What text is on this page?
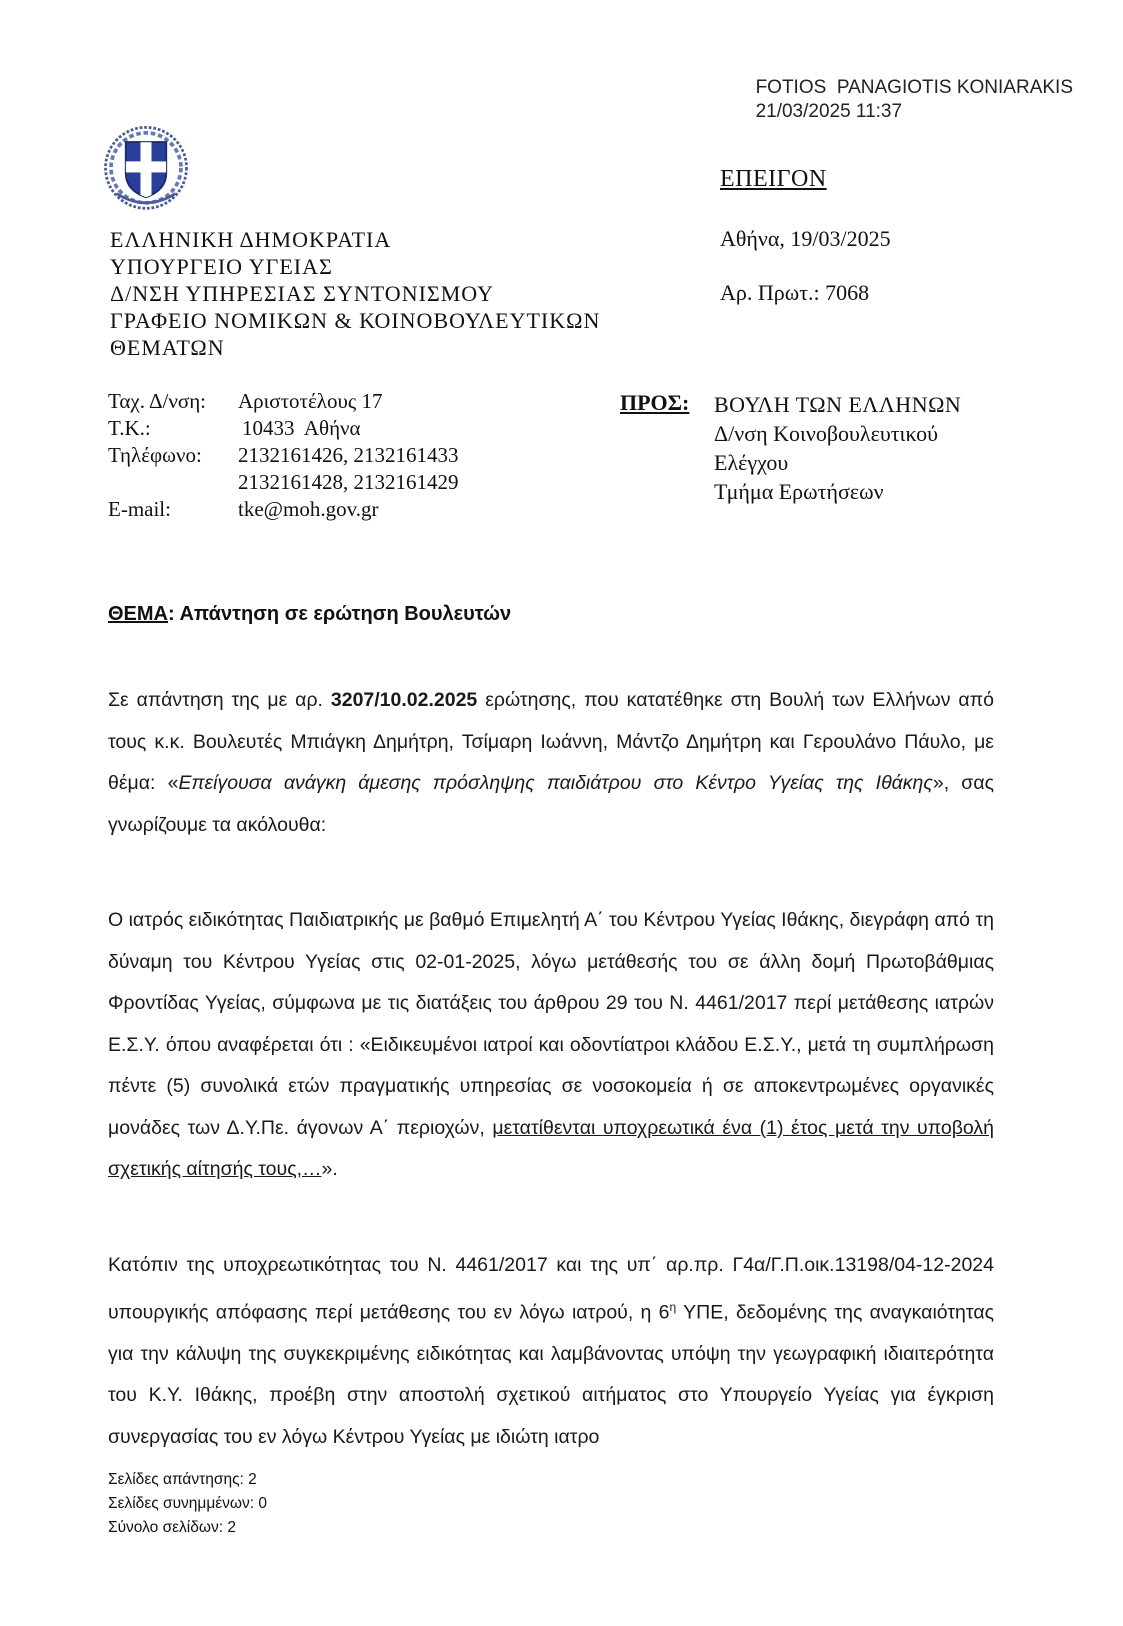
FOTIOS  PANAGIOTIS KONIARAKIS
21/03/2025 11:37
ΕΠΕΙΓΟΝ
ΕΛΛΗΝΙΚΗ ΔΗΜΟΚΡΑΤΙΑ
ΥΠΟΥΡΓΕΙΟ ΥΓΕΙΑΣ
Δ/ΝΣΗ ΥΠΗΡΕΣΙΑΣ ΣΥΝΤΟΝΙΣΜΟΥ
ΓΡΑΦΕΙΟ ΝΟΜΙΚΩΝ & ΚΟΙΝΟΒΟΥΛΕΥΤΙΚΩΝ
ΘΕΜΑΤΩΝ
Αθήνα, 19/03/2025
Αρ. Πρωτ.: 7068
Ταχ. Δ/νση:	Αριστοτέλους 17
Τ.Κ.:	10433  Αθήνα
Τηλέφωνο:	2132161426, 2132161433
2132161428, 2132161429
E-mail:	tke@moh.gov.gr
ΠΡΟΣ: ΒΟΥΛΗ ΤΩΝ ΕΛΛΗΝΩΝ
Δ/νση Κοινοβουλευτικού
Ελέγχου
Τμήμα Ερωτήσεων
ΘΕΜΑ: Απάντηση σε ερώτηση Βουλευτών
Σε απάντηση της με αρ. 3207/10.02.2025 ερώτησης, που κατατέθηκε στη Βουλή των Ελλήνων από τους κ.κ. Βουλευτές Μπιάγκη Δημήτρη, Τσίμαρη Ιωάννη, Μάντζο Δημήτρη και Γερουλάνο Πάυλο, με θέμα: «Επείγουσα ανάγκη άμεσης πρόσληψης παιδιάτρου στο Κέντρο Υγείας της Ιθάκης», σας γνωρίζουμε τα ακόλουθα:
Ο ιατρός ειδικότητας Παιδιατρικής με βαθμό Επιμελητή Α΄ του Κέντρου Υγείας Ιθάκης, διεγράφη από τη δύναμη του Κέντρου Υγείας στις 02-01-2025, λόγω μετάθεσής του σε άλλη δομή Πρωτοβάθμιας Φροντίδας Υγείας, σύμφωνα με τις διατάξεις του άρθρου 29 του Ν. 4461/2017 περί μετάθεσης ιατρών Ε.Σ.Υ. όπου αναφέρεται ότι : «Ειδικευμένοι ιατροί και οδοντίατροι κλάδου Ε.Σ.Υ., μετά τη συμπλήρωση πέντε (5) συνολικά ετών πραγματικής υπηρεσίας σε νοσοκομεία ή σε αποκεντρωμένες οργανικές μονάδες των Δ.Υ.Πε. άγονων Α΄ περιοχών, μετατίθενται υποχρεωτικά ένα (1) έτος μετά την υποβολή σχετικής αίτησής τους,…».
Κατόπιν της υποχρεωτικότητας του Ν. 4461/2017 και της υπ΄ αρ.πρ. Γ4α/Γ.Π.οικ.13198/04-12-2024 υπουργικής απόφασης περί μετάθεσης του εν λόγω ιατρού, η $6^\eta$ ΥΠΕ, δεδομένης της αναγκαιότητας για την κάλυψη της συγκεκριμένης ειδικότητας και λαμβάνοντας υπόψη την γεωγραφική ιδιαιτερότητα του Κ.Υ. Ιθάκης, προέβη στην αποστολή σχετικού αιτήματος στο Υπουργείο Υγείας για έγκριση συνεργασίας του εν λόγω Κέντρου Υγείας με ιδιώτη ιατρο
Σελίδες απάντησης: 2
Σελίδες συνημμένων: 0
Σύνολο σελίδων: 2
